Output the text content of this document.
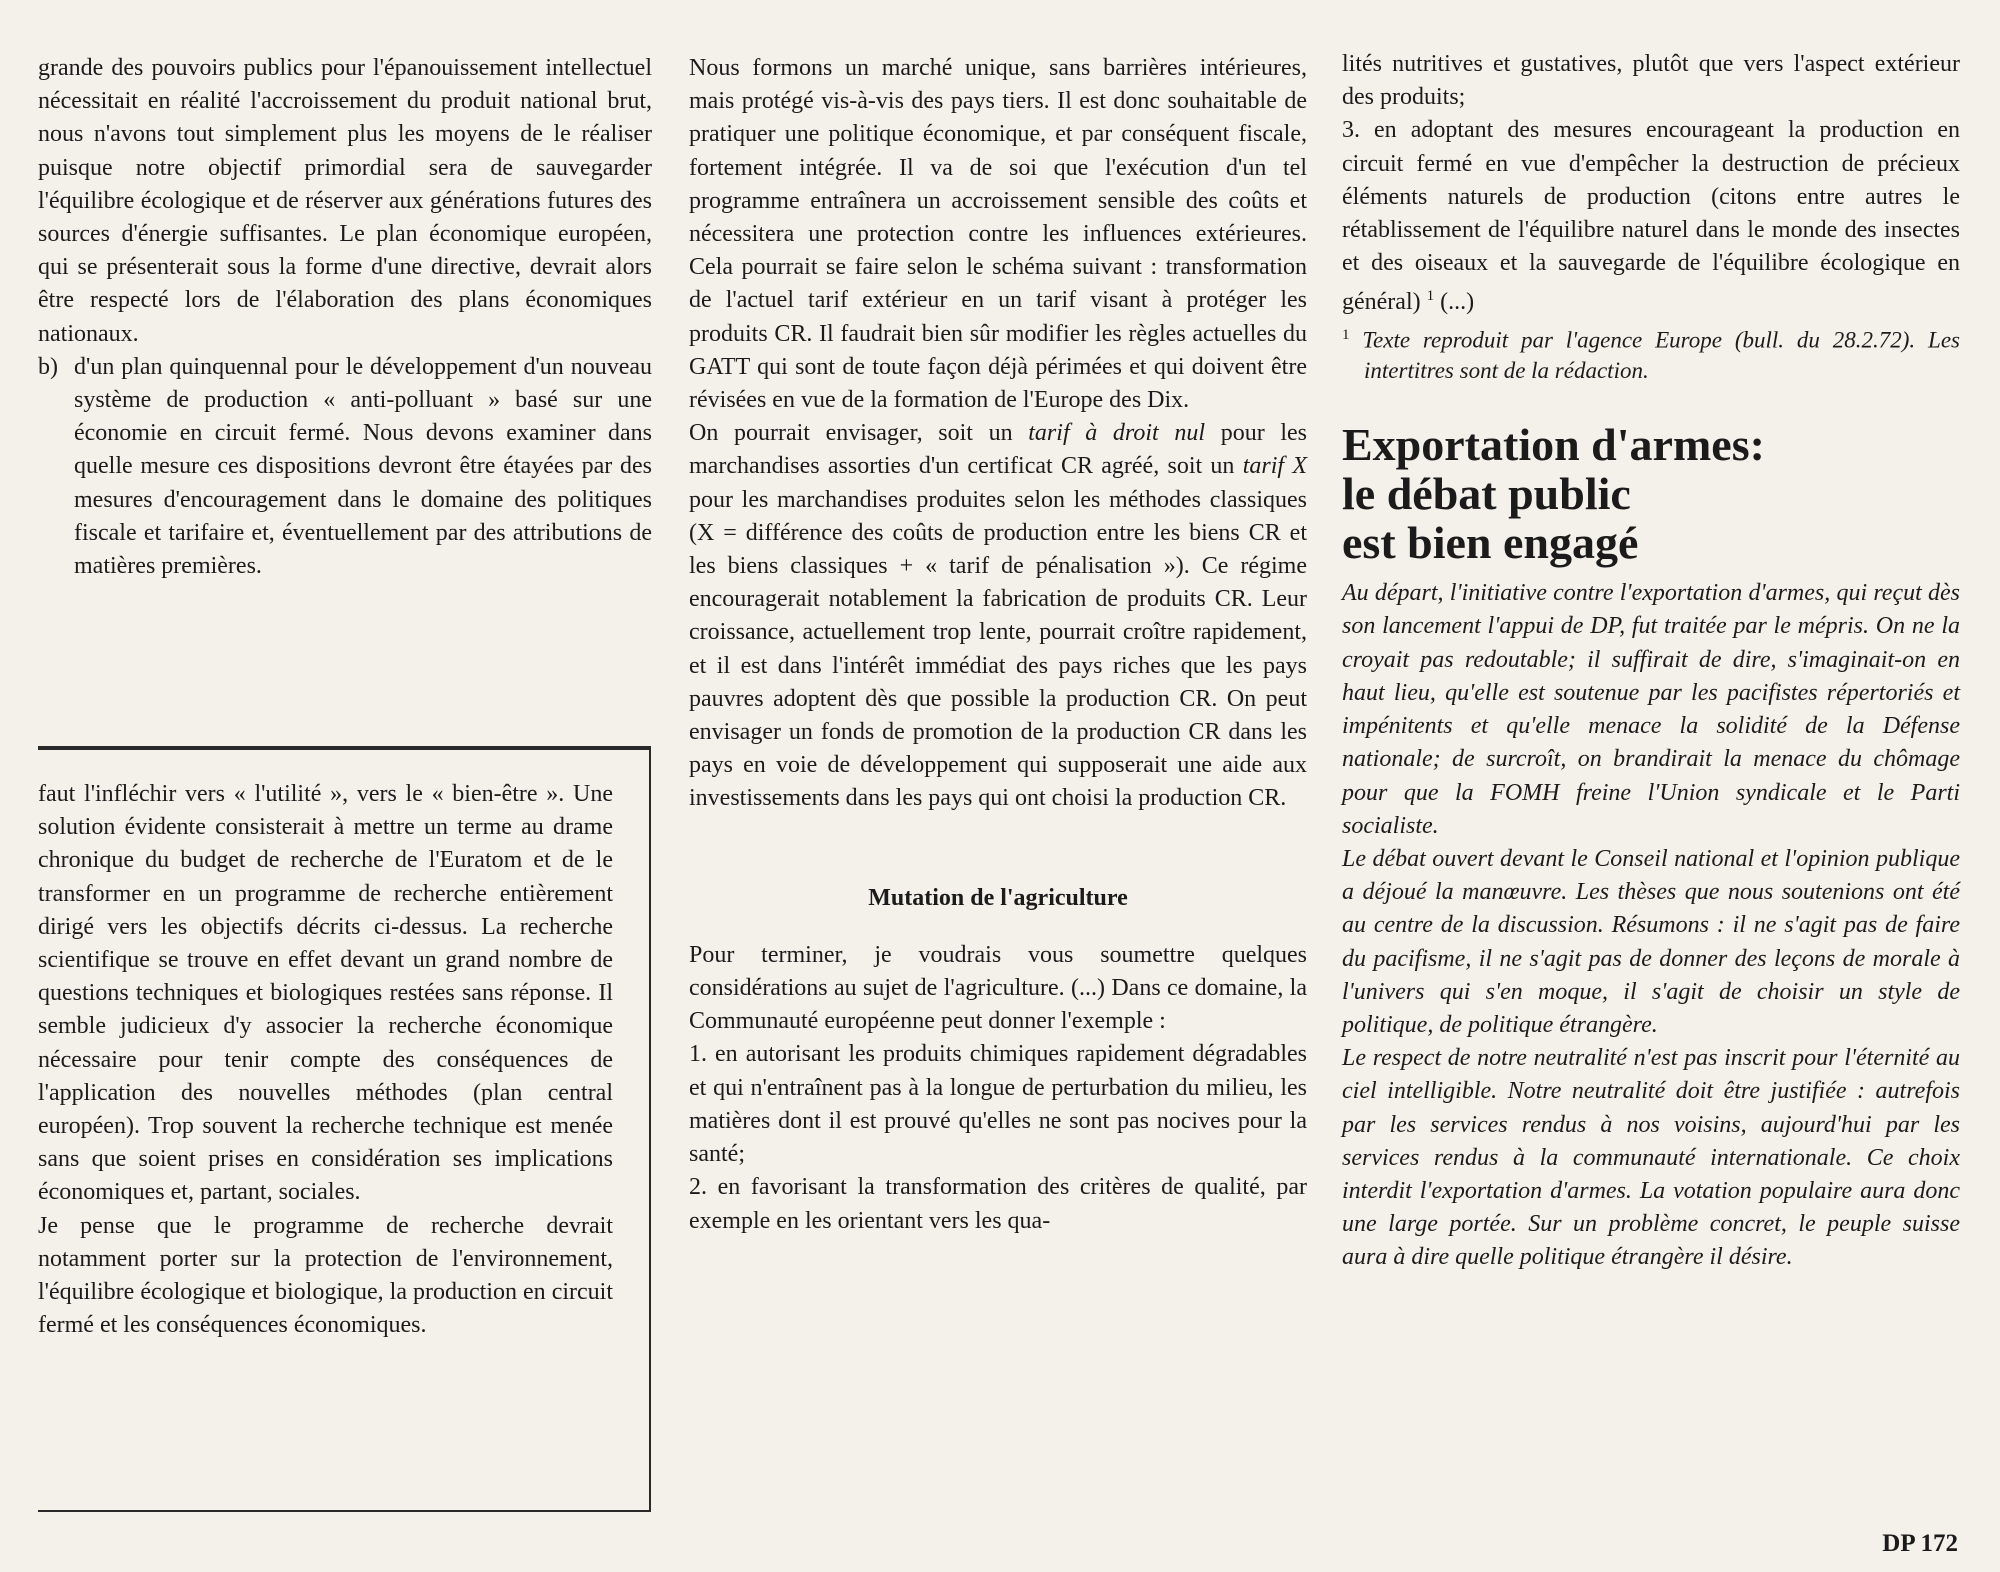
grande des pouvoirs publics pour l'épanouissement intellectuel nécessitait en réalité l'accroissement du produit national brut, nous n'avons tout simplement plus les moyens de le réaliser puisque notre objectif primordial sera de sauvegarder l'équilibre écologique et de réserver aux générations futures des sources d'énergie suffisantes. Le plan économique européen, qui se présenterait sous la forme d'une directive, devrait alors être respecté lors de l'élaboration des plans économiques nationaux.

b) d'un plan quinquennal pour le développement d'un nouveau système de production « anti-polluant » basé sur une économie en circuit fermé. Nous devons examiner dans quelle mesure ces dispositions devront être étayées par des mesures d'encouragement dans le domaine des politiques fiscale et tarifaire et, éventuellement par des attributions de matières premières.

faut l'infléchir vers « l'utilité », vers le « bien-être ». Une solution évidente consisterait à mettre un terme au drame chronique du budget de recherche de l'Euratom et de le transformer en un programme de recherche entièrement dirigé vers les objectifs décrits ci-dessus. La recherche scientifique se trouve en effet devant un grand nombre de questions techniques et biologiques restées sans réponse. Il semble judicieux d'y associer la recherche économique nécessaire pour tenir compte des conséquences de l'application des nouvelles méthodes (plan central européen). Trop souvent la recherche technique est menée sans que soient prises en considération ses implications économiques et, partant, sociales.

Je pense que le programme de recherche devrait notamment porter sur la protection de l'environnement, l'équilibre écologique et biologique, la production en circuit fermé et les conséquences économiques.

Nous formons un marché unique, sans barrières intérieures, mais protégé vis-à-vis des pays tiers. Il est donc souhaitable de pratiquer une politique économique, et par conséquent fiscale, fortement intégrée. Il va de soi que l'exécution d'un tel programme entraînera un accroissement sensible des coûts et nécessitera une protection contre les influences extérieures. Cela pourrait se faire selon le schéma suivant : transformation de l'actuel tarif extérieur en un tarif visant à protéger les produits CR. Il faudrait bien sûr modifier les règles actuelles du GATT qui sont de toute façon déjà périmées et qui doivent être révisées en vue de la formation de l'Europe des Dix.

On pourrait envisager, soit un tarif à droit nul pour les marchandises assorties d'un certificat CR agréé, soit un tarif X pour les marchandises produites selon les méthodes classiques (X = différence des coûts de production entre les biens CR et les biens classiques + « tarif de pénalisation »). Ce régime encouragerait notablement la fabrication de produits CR. Leur croissance, actuellement trop lente, pourrait croître rapidement, et il est dans l'intérêt immédiat des pays riches que les pays pauvres adoptent dès que possible la production CR. On peut envisager un fonds de promotion de la production CR dans les pays en voie de développement qui supposerait une aide aux investissements dans les pays qui ont choisi la production CR.

Mutation de l'agriculture

Pour terminer, je voudrais vous soumettre quelques considérations au sujet de l'agriculture. (...) Dans ce domaine, la Communauté européenne peut donner l'exemple :

1. en autorisant les produits chimiques rapidement dégradables et qui n'entraînent pas à la longue de perturbation du milieu, les matières dont il est prouvé qu'elles ne sont pas nocives pour la santé;

2. en favorisant la transformation des critères de qualité, par exemple en les orientant vers les qua-

lités nutritives et gustatives, plutôt que vers l'aspect extérieur des produits;

3. en adoptant des mesures encourageant la production en circuit fermé en vue d'empêcher la destruction de précieux éléments naturels de production (citons entre autres le rétablissement de l'équilibre naturel dans le monde des insectes et des oiseaux et la sauvegarde de l'équilibre écologique en général) $^1$ (...)

$^1$ Texte reproduit par l'agence Europe (bull. du 28.2.72). Les intertitres sont de la rédaction.

Exportation d'armes:
le débat public
est bien engagé

Au départ, l'initiative contre l'exportation d'armes, qui reçut dès son lancement l'appui de DP, fut traitée par le mépris. On ne la croyait pas redoutable; il suffirait de dire, s'imaginait-on en haut lieu, qu'elle est soutenue par les pacifistes répertoriés et impénitents et qu'elle menace la solidité de la Défense nationale; de surcroît, on brandirait la menace du chômage pour que la FOMH freine l'Union syndicale et le Parti socialiste.

Le débat ouvert devant le Conseil national et l'opinion publique a déjoué la manœuvre. Les thèses que nous soutenions ont été au centre de la discussion. Résumons : il ne s'agit pas de faire du pacifisme, il ne s'agit pas de donner des leçons de morale à l'univers qui s'en moque, il s'agit de choisir un style de politique, de politique étrangère.

Le respect de notre neutralité n'est pas inscrit pour l'éternité au ciel intelligible. Notre neutralité doit être justifiée : autrefois par les services rendus à nos voisins, aujourd'hui par les services rendus à la communauté internationale. Ce choix interdit l'exportation d'armes. La votation populaire aura donc une large portée. Sur un problème concret, le peuple suisse aura à dire quelle politique étrangère il désire.

DP 172
